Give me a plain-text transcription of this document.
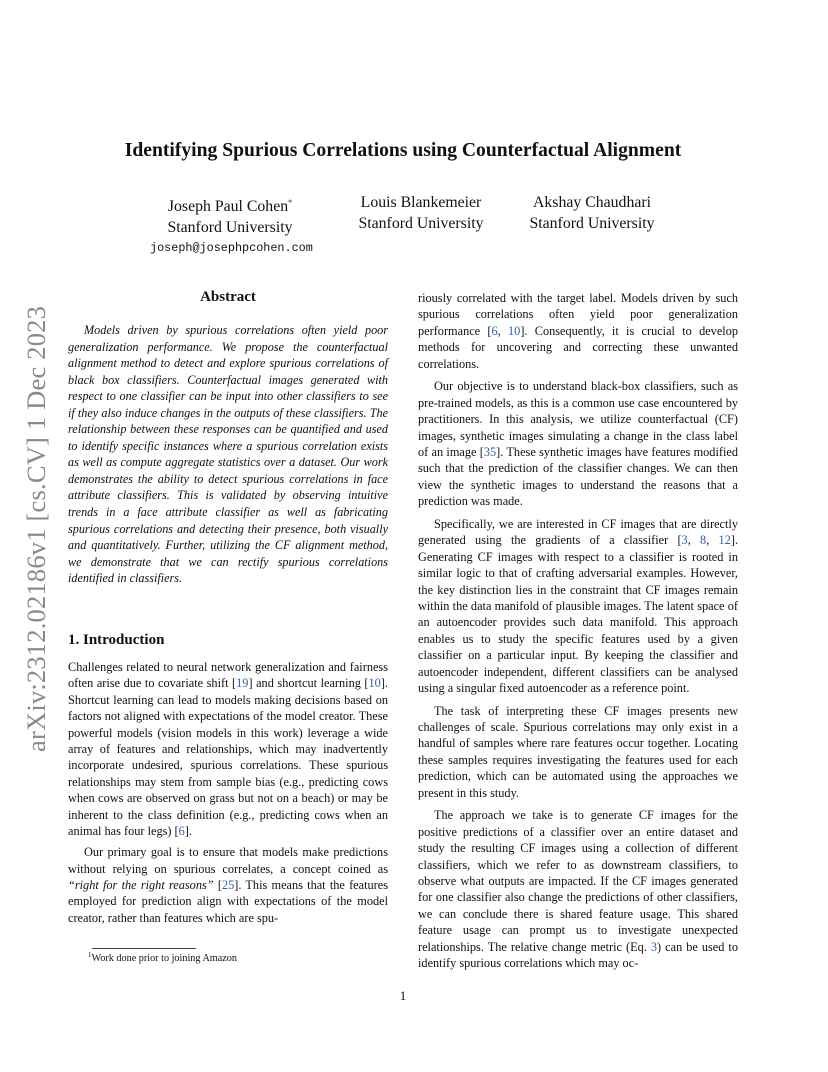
arXiv:2312.02186v1 [cs.CV] 1 Dec 2023
Identifying Spurious Correlations using Counterfactual Alignment
Joseph Paul Cohen*
Stanford University
joseph@josephpcohen.com
Louis Blankemeier
Stanford University
Akshay Chaudhari
Stanford University
Abstract
Models driven by spurious correlations often yield poor generalization performance. We propose the counterfactual alignment method to detect and explore spurious correlations of black box classifiers. Counterfactual images generated with respect to one classifier can be input into other classifiers to see if they also induce changes in the outputs of these classifiers. The relationship between these responses can be quantified and used to identify specific instances where a spurious correlation exists as well as compute aggregate statistics over a dataset. Our work demonstrates the ability to detect spurious correlations in face attribute classifiers. This is validated by observing intuitive trends in a face attribute classifier as well as fabricating spurious correlations and detecting their presence, both visually and quantitatively. Further, utilizing the CF alignment method, we demonstrate that we can rectify spurious correlations identified in classifiers.
1. Introduction

Challenges related to neural network generalization and fairness often arise due to covariate shift [19] and shortcut learning [10]. Shortcut learning can lead to models making decisions based on factors not aligned with expectations of the model creator. These powerful models (vision models in this work) leverage a wide array of features and relationships, which may inadvertently incorporate undesired, spurious correlations. These spurious relationships may stem from sample bias (e.g., predicting cows when cows are observed on grass but not on a beach) or may be inherent to the class definition (e.g., predicting cows when an animal has four legs) [6].

Our primary goal is to ensure that models make predictions without relying on spurious correlates, a concept coined as “right for the right reasons” [25]. This means that the features employed for prediction align with expectations of the model creator, rather than features which are spu-

riously correlated with the target label. Models driven by such spurious correlations often yield poor generalization performance [6, 10]. Consequently, it is crucial to develop methods for uncovering and correcting these unwanted correlations.

Our objective is to understand black-box classifiers, such as pre-trained models, as this is a common use case encountered by practitioners. In this analysis, we utilize counterfactual (CF) images, synthetic images simulating a change in the class label of an image [35]. These synthetic images have features modified such that the prediction of the classifier changes. We can then view the synthetic images to understand the reasons that a prediction was made.

Specifically, we are interested in CF images that are directly generated using the gradients of a classifier [3, 8, 12]. Generating CF images with respect to a classifier is rooted in similar logic to that of crafting adversarial examples. However, the key distinction lies in the constraint that CF images remain within the data manifold of plausible images. The latent space of an autoencoder provides such data manifold. This approach enables us to study the specific features used by a given classifier on a particular input. By keeping the classifier and autoencoder independent, different classifiers can be analysed using a singular fixed autoencoder as a reference point.

The task of interpreting these CF images presents new challenges of scale. Spurious correlations may only exist in a handful of samples where rare features occur together. Locating these samples requires investigating the features used for each prediction, which can be automated using the approaches we present in this study.

The approach we take is to generate CF images for the positive predictions of a classifier over an entire dataset and study the resulting CF images using a collection of different classifiers, which we refer to as downstream classifiers, to observe what outputs are impacted. If the CF images generated for one classifier also change the predictions of other classifiers, we can conclude there is shared feature usage. This shared feature usage can prompt us to investigate unexpected relationships. The relative change metric (Eq. 3) can be used to identify spurious correlations which may oc-

$^1$Work done prior to joining Amazon
1
